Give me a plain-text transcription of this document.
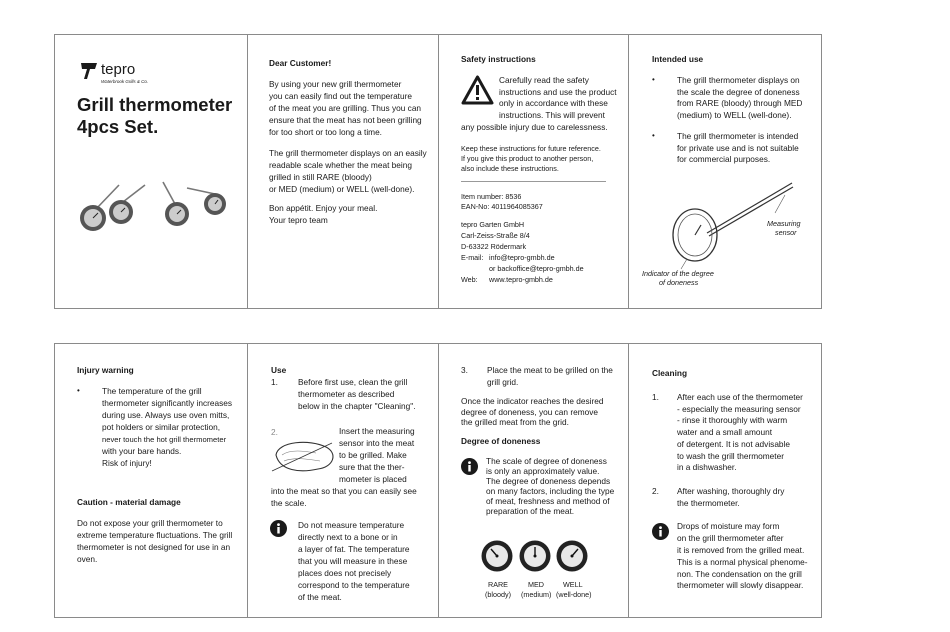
tepro
Waterbrook Grills & Co.
Grill thermometer
4pcs Set.
Dear Customer!
By using your new grill thermometer
you can easily find out the temperature
of the meat you are grilling. Thus you can
ensure that the meat has not been grilling
for too short or too long a time.
The grill thermometer displays on an easily
readable scale whether the meat being
grilled in still RARE (bloody)
or MED (medium) or WELL (well-done).
Bon appétit. Enjoy your meal.
Your tepro team
Safety instructions
Carefully read the safety
instructions and use the product
only in accordance with these
instructions. This will prevent
any possible injury due to carelessness.
Keep these instructions for future reference.
If you give this product to another person,
also include these instructions.
Item number: 8536
EAN-No: 4011964085367
tepro Garten GmbH
Carl-Zeiss-Straße 8/4
D-63322 Rödermark
E-mail: info@tepro-gmbh.de
or backoffice@tepro-gmbh.de
Web: www.tepro-gmbh.de
Intended use
•	The grill thermometer displays on
the scale the degree of doneness
from RARE (bloody) through MED
(medium) to WELL (well-done).
•	The grill thermometer is intended
for private use and is not suitable
for commercial purposes.
Measuring
sensor
Indicator of the degree
of doneness
Injury warning
•	The temperature of the grill
thermometer significantly increases
during use. Always use oven mitts,
pot holders or similar protection,
never touch the hot grill thermometer
with your bare hands.
Risk of injury!
Caution - material damage
Do not expose your grill thermometer to
extreme temperature fluctuations. The grill
thermometer is not designed for use in an
oven.
Use
1. Before first use, clean the grill
thermometer as described
below in the chapter "Cleaning".
2.	Insert the measuring
sensor into the meat
to be grilled. Make
sure that the ther-
mometer is placed
into the meat so that you can easily see
the scale.
Do not measure temperature
directly next to a bone or in
a layer of fat. The temperature
that you will measure in these
places does not precisely
correspond to the temperature
of the meat.
3. Place the meat to be grilled on the
grill grid.
Once the indicator reaches the desired
degree of doneness, you can remove
the grilled meat from the grid.
Degree of doneness
The scale of degree of doneness
is only an approximately value.
The degree of doneness depends
on many factors, including the type
of meat, freshness and method of
preparation of the meat.
RARE
(bloody)
MED
(medium)
WELL
(well-done)
Cleaning
1. After each use of the thermometer
- especially the measuring sensor
- rinse it thoroughly with warm
water and a small amount
of detergent. It is not advisable
to wash the grill thermometer
in a dishwasher.
2. After washing, thoroughly dry
the thermometer.
Drops of moisture may form
on the grill thermometer after
it is removed from the grilled meat.
This is a normal physical phenome-
non. The condensation on the grill
thermometer will slowly disappear.
